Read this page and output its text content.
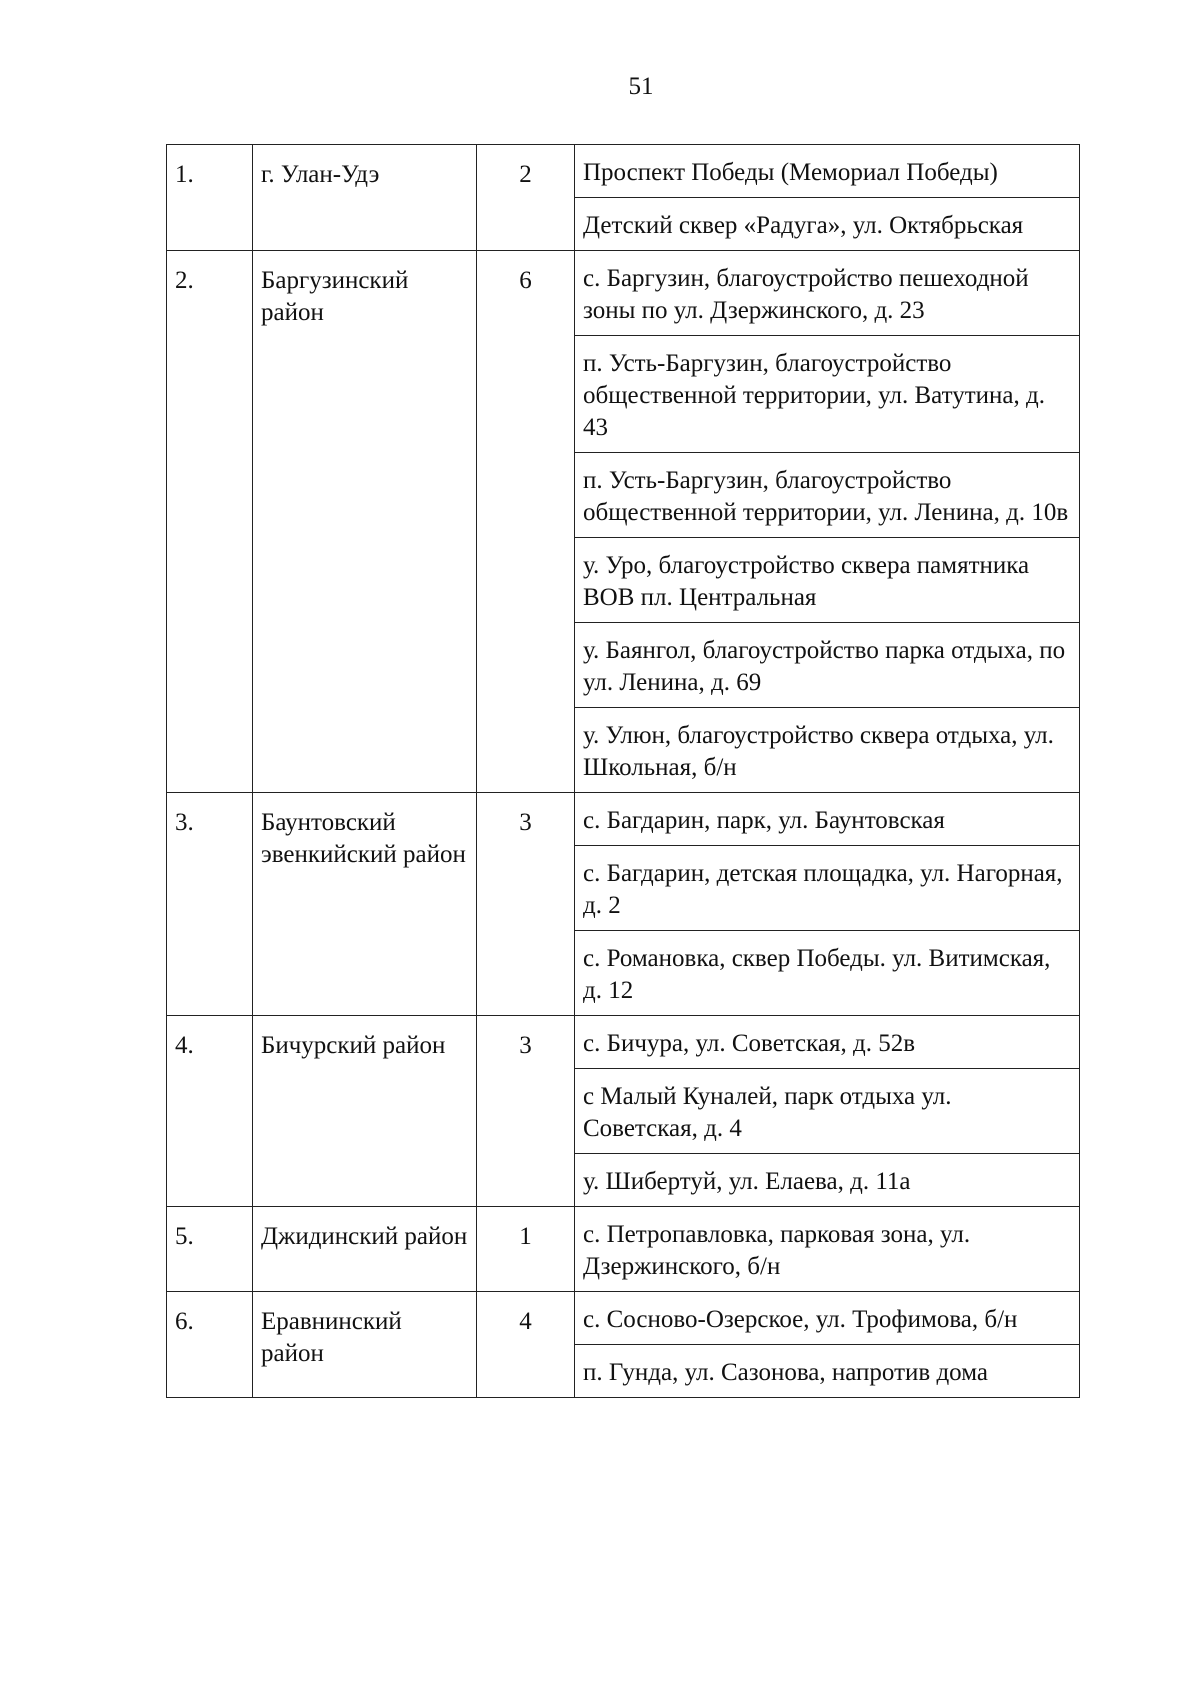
51
1.	г. Улан-Удэ	2	Проспект Победы (Мемориал Победы)

			Детский сквер «Радуга», ул. Октябрьская

2.	Баргузинский район	6	с. Баргузин, благоустройство пешеходной зоны по ул. Дзержинского, д. 23

			п. Усть-Баргузин, благоустройство общественной территории, ул. Ватутина, д. 43

			п. Усть-Баргузин, благоустройство общественной территории, ул. Ленина, д. 10в

			у. Уро, благоустройство сквера памятника ВОВ пл. Центральная

			у. Баянгол, благоустройство парка отдыха, по ул. Ленина, д. 69

			у. Улюн, благоустройство сквера отдыха, ул. Школьная, б/н

3.	Баунтовский эвенкийский район	3	с. Багдарин, парк, ул. Баунтовская

			с. Багдарин, детская площадка, ул. Нагорная, д. 2

			с. Романовка, сквер Победы. ул. Витимская, д. 12

4.	Бичурский район	3	с. Бичура, ул. Советская, д. 52в

			с Малый Куналей, парк отдыха ул. Советская, д. 4

			у. Шибертуй, ул. Елаева, д. 11а

5.	Джидинский район	1	с. Петропавловка, парковая зона, ул. Дзержинского, б/н

6.	Еравнинский район	4	с. Сосново-Озерское, ул. Трофимова, б/н

			п. Гунда, ул. Сазонова, напротив дома
